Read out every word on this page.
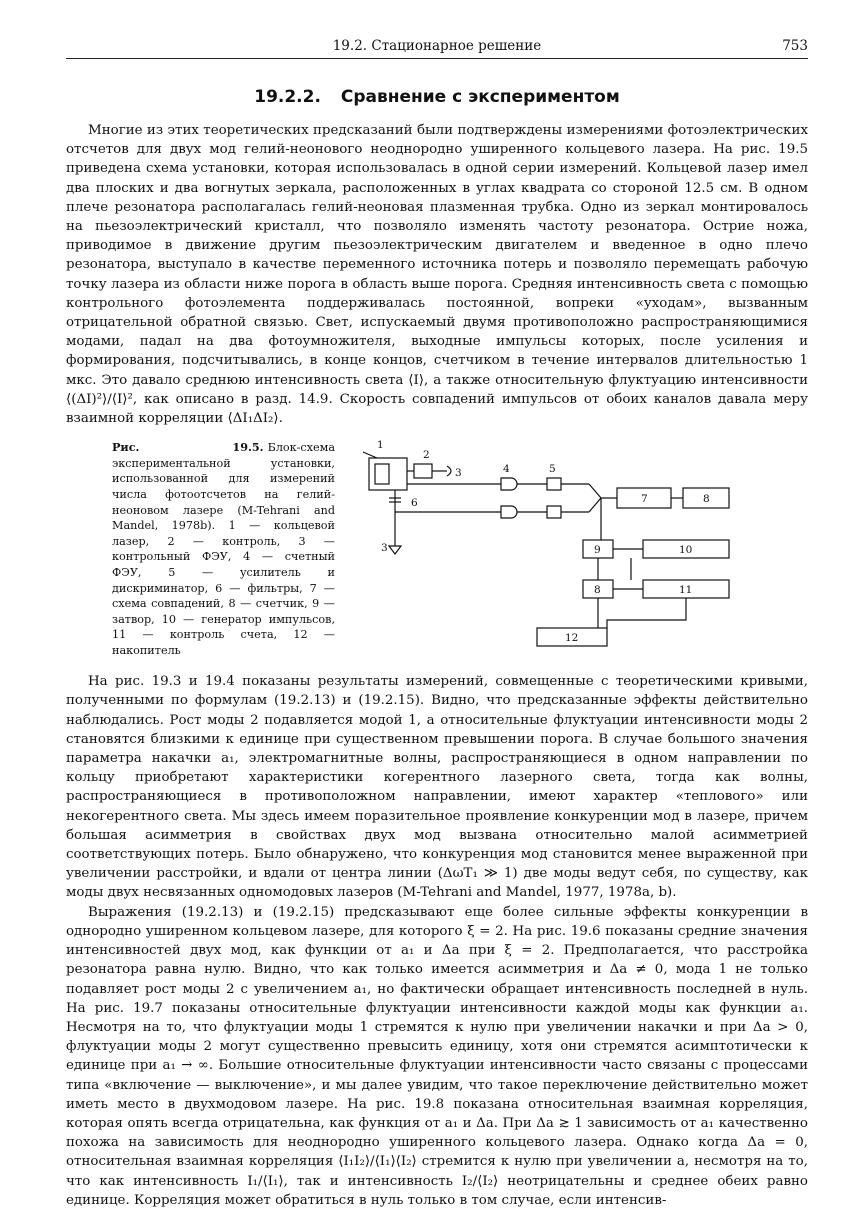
19.2. Стационарное решение	753
19.2.2. Сравнение с экспериментом

Многие из этих теоретических предсказаний были подтверждены измерениями фотоэлектрических отсчетов для двух мод гелий-неонового неоднородно уширенного кольцевого лазера. На рис. 19.5 приведена схема установки, которая использовалась в одной серии измерений. Кольцевой лазер имел два плоских и два вогнутых зеркала, расположенных в углах квадрата со стороной 12.5 см. В одном плече резонатора располагалась гелий-неоновая плазменная трубка. Одно из зеркал монтировалось на пьезоэлектрический кристалл, что позволяло изменять частоту резонатора. Острие ножа, приводимое в движение другим пьезоэлектрическим двигателем и введенное в одно плечо резонатора, выступало в качестве переменного источника потерь и позволяло перемещать рабочую точку лазера из области ниже порога в область выше порога. Средняя интенсивность света с помощью контрольного фотоэлемента поддерживалась постоянной, вопреки «уходам», вызванным отрицательной обратной связью. Свет, испускаемый двумя противоположно распространяющимися модами, падал на два фотоумножителя, выходные импульсы которых, после усиления и формирования, подсчитывались, в конце концов, счетчиком в течение интервалов длительностью 1 мкс. Это давало среднюю интенсивность света ⟨I⟩, а также относительную флуктуацию интенсивности ⟨(ΔI)²⟩/⟨I⟩², как описано в разд. 14.9. Скорость совпадений импульсов от обоих каналов давала меру взаимной корреляции ⟨ΔI₁ΔI₂⟩.

Рис. 19.5. Блок-схема экспериментальной установки, использованной для измерений числа фотоотсчетов на гелий-неоновом лазере (M-Tehrani and Mandel, 1978b). 1 — кольцевой лазер, 2 — контроль, 3 — контрольный ФЭУ, 4 — счетный ФЭУ, 5 — усилитель и дискриминатор, 6 — фильтры, 7 — схема совпадений, 8 — счетчик, 9 — затвор, 10 — генератор импульсов, 11 — контроль счета, 12 — накопитель
1
2
3
6
4	5
3
7	8
9	10
8	11
12

На рис. 19.3 и 19.4 показаны результаты измерений, совмещенные с теоретическими кривыми, полученными по формулам (19.2.13) и (19.2.15). Видно, что предсказанные эффекты действительно наблюдались. Рост моды 2 подавляется модой 1, а относительные флуктуации интенсивности моды 2 становятся близкими к единице при существенном превышении порога. В случае большого значения параметра накачки a₁, электромагнитные волны, распространяющиеся в одном направлении по кольцу приобретают характеристики когерентного лазерного света, тогда как волны, распространяющиеся в противоположном направлении, имеют характер «теплового» или некогерентного света. Мы здесь имеем поразительное проявление конкуренции мод в лазере, причем большая асимметрия в свойствах двух мод вызвана относительно малой асимметрией соответствующих потерь. Было обнаружено, что конкуренция мод становится менее выраженной при увеличении расстройки, и вдали от центра линии (ΔωT₁ ≫ 1) две моды ведут себя, по существу, как моды двух несвязанных одномодовых лазеров (M-Tehrani and Mandel, 1977, 1978a, b).

Выражения (19.2.13) и (19.2.15) предсказывают еще более сильные эффекты конкуренции в однородно уширенном кольцевом лазере, для которого ξ = 2. На рис. 19.6 показаны средние значения интенсивностей двух мод, как функции от a₁ и Δa при ξ = 2. Предполагается, что расстройка резонатора равна нулю. Видно, что как только имеется асимметрия и Δa ≠ 0, мода 1 не только подавляет рост моды 2 с увеличением a₁, но фактически обращает интенсивность последней в нуль. На рис. 19.7 показаны относительные флуктуации интенсивности каждой моды как функции a₁. Несмотря на то, что флуктуации моды 1 стремятся к нулю при увеличении накачки и при Δa > 0, флуктуации моды 2 могут существенно превысить единицу, хотя они стремятся асимптотически к единице при a₁ → ∞. Большие относительные флуктуации интенсивности часто связаны с процессами типа «включение — выключение», и мы далее увидим, что такое переключение действительно может иметь место в двухмодовом лазере. На рис. 19.8 показана относительная взаимная корреляция, которая опять всегда отрицательна, как функция от a₁ и Δa. При Δa ≳ 1 зависимость от a₁ качественно похожа на зависимость для неоднородно уширенного кольцевого лазера. Однако когда Δa = 0, относительная взаимная корреляция ⟨I₁I₂⟩/⟨I₁⟩⟨I₂⟩ стремится к нулю при увеличении a, несмотря на то, что как интенсивность I₁/⟨I₁⟩, так и интенсивность I₂/⟨I₂⟩ неотрицательны и среднее обеих равно единице. Корреляция может обратиться в нуль только в том случае, если интенсив-
